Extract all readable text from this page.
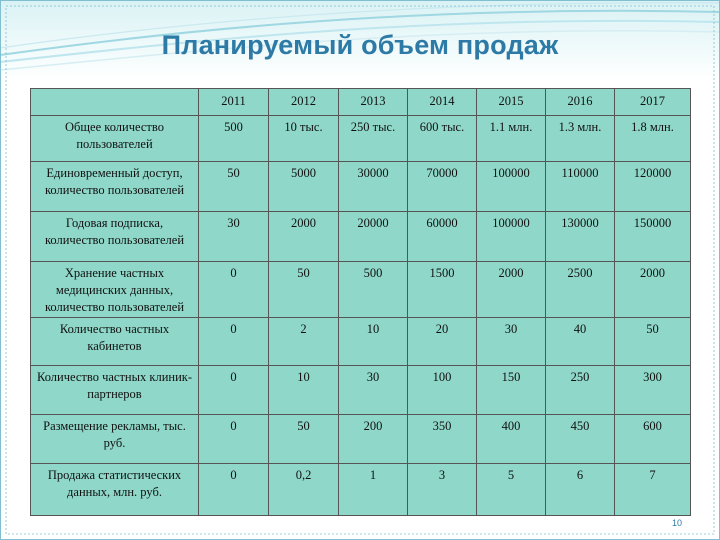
Планируемый объем продаж
	2011	2012	2013	2014	2015	2016	2017
Общее количество пользователей	500	10 тыс.	250 тыс.	600 тыс.	1.1 млн.	1.3 млн.	1.8 млн.
Единовременный доступ, количество пользователей	50	5000	30000	70000	100000	110000	120000
Годовая подписка, количество пользователей	30	2000	20000	60000	100000	130000	150000
Хранение частных медицинских данных, количество пользователей	0	50	500	1500	2000	2500	2000
Количество частных кабинетов	0	2	10	20	30	40	50
Количество частных клиник-партнеров	0	10	30	100	150	250	300
Размещение рекламы, тыс. руб.	0	50	200	350	400	450	600
Продажа статистических данных, млн. руб.	0	0,2	1	3	5	6	7
10
